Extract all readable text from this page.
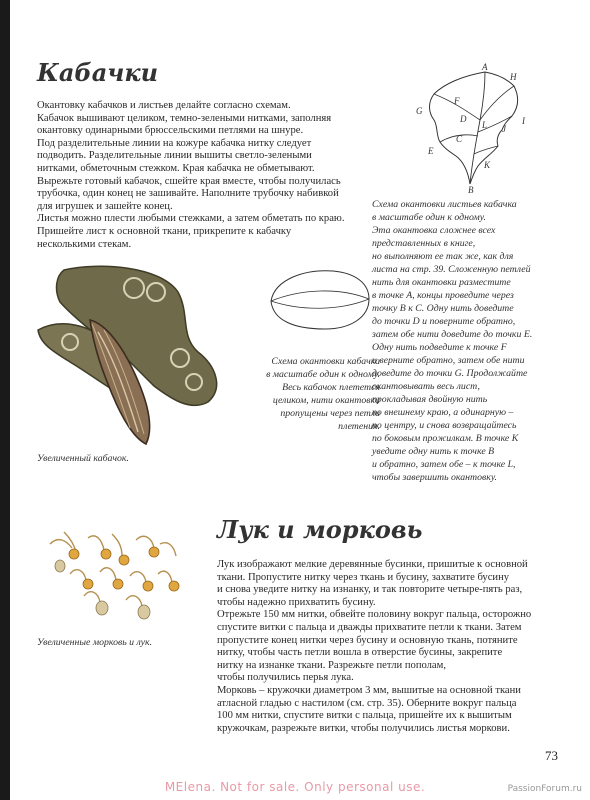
Кабачки
Окантовку кабачков и листьев делайте согласно схемам.
Кабачок вышивают целиком, темно-зелеными нитками, заполняя
окантовку одинарными брюссельскими петлями на шнуре.
Под разделительные линии на кожуре кабачка нитку следует
подводить. Разделительные линии вышиты светло-зелеными
нитками, обметочным стежком. Края кабачка не обметывают.
Вырежьте готовый кабачок, сшейте края вместе, чтобы получилась
трубочка, один конец не зашивайте. Наполните трубочку набивкой
для игрушек и зашейте конец.
Листья можно плести любыми стежками, а затем обметать по краю.
Пришейте лист к основной ткани, прикрепите к кабачку
несколькими стекам.
A
H
G
F
I
D
L J
E
C
K
B
Схема окантовки листьев кабачка
в масштабе один к одному.
Эта окантовка сложнее всех
представленных в книге,
но выполняют ее так же, как для
листа на стр. 39. Сложенную петлей
нить для окантовки разместите
в точке А, концы проведите через
точку В к С. Одну нить доведите
до точки D и поверните обратно,
затем обе нити доведите до точки Е.
Одну нить подведите к точке F
и верните обратно, затем обе нити
доведите до точки G. Продолжайте
окантовывать весь лист,
прокладывая двойную нить
по внешнему краю, а одинарную –
по центру, и снова возвращайтесь
по боковым прожилкам. В точке К
уведите одну нить к точке В
и обратно, затем обе – к точке L,
чтобы завершить окантовку.
Схема окантовки кабачка
в масштабе один к одному.
Весь кабачок плетется
целиком, нити окантовки
пропущены через петли
плетения.
Увеличенный кабачок.
Лук и морковь
Лук изображают мелкие деревянные бусинки, пришитые к основной
ткани. Пропустите нитку через ткань и бусину, захватите бусину
и снова уведите нитку на изнанку, и так повторите четыре-пять раз,
чтобы надежно прихватить бусину.
Отрежьте 150 мм нитки, обвейте половину вокруг пальца, осторожно
спустите витки с пальца и дважды прихватите петли к ткани. Затем
пропустите конец нитки через бусину и основную ткань, потяните
нитку, чтобы часть петли вошла в отверстие бусины, закрепите
нитку на изнанке ткани. Разрежьте петли пополам,
чтобы получились перья лука.
Морковь – кружочки диаметром 3 мм, вышитые на основной ткани
атласной гладью с настилом (см. стр. 35). Оберните вокруг пальца
100 мм нитки, спустите витки с пальца, пришейте их к вышитым
кружочкам, разрежьте витки, чтобы получились листья моркови.
Увеличенные морковь и лук.
73
MElena. Not for sale. Only personal use.	PassionForum.ru
